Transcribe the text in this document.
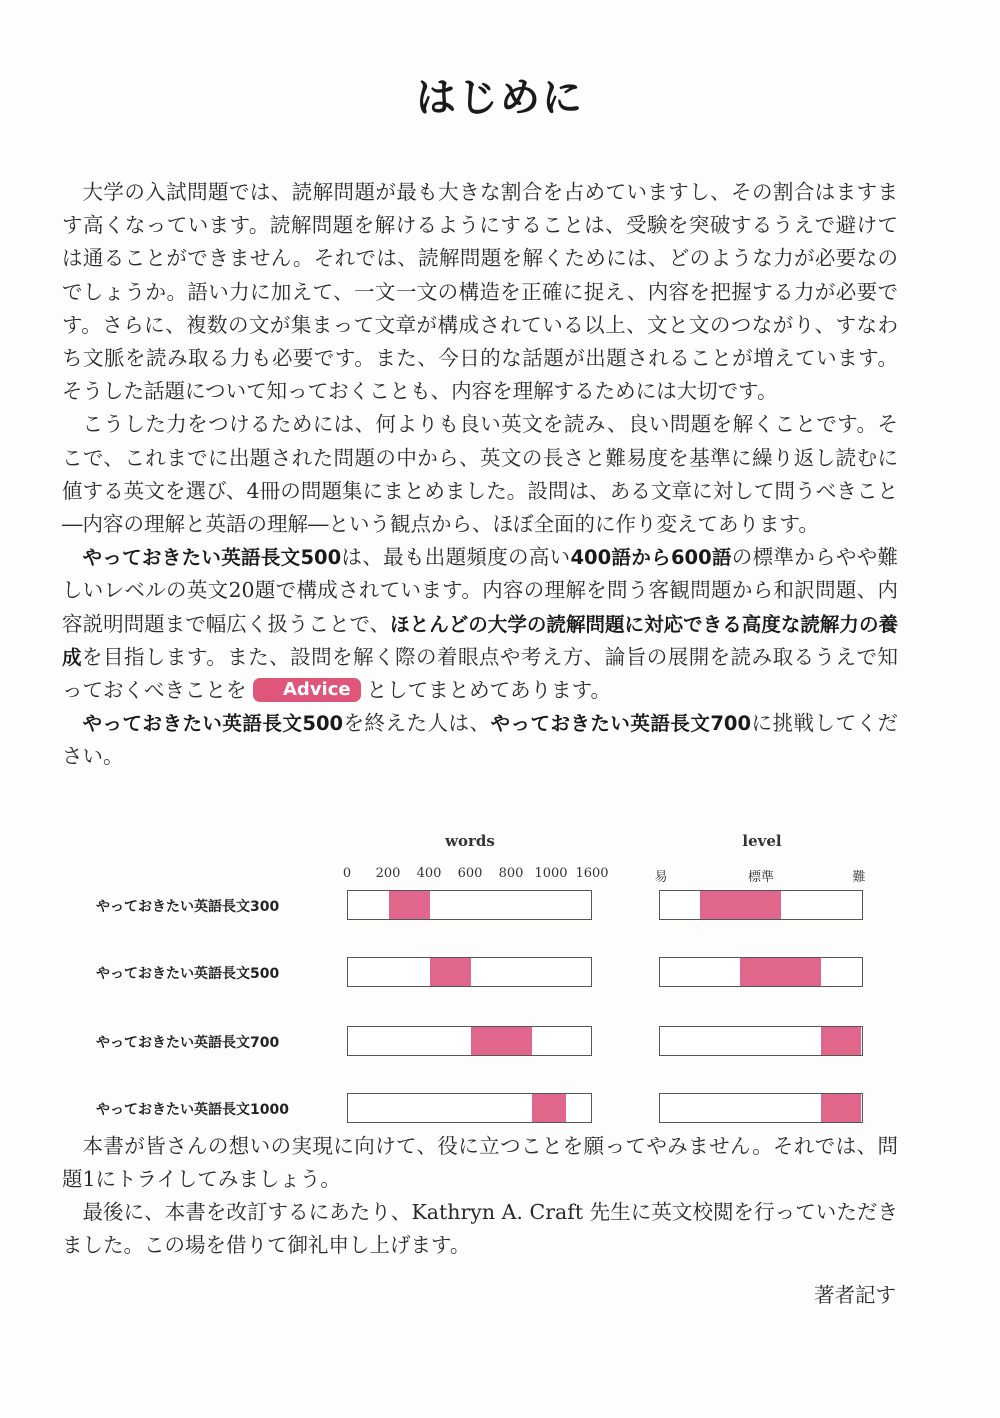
はじめに

大学の入試問題では、読解問題が最も大きな割合を占めていますし、その割合はますます高くなっています。読解問題を解けるようにすることは、受験を突破するうえで避けては通ることができません。それでは、読解問題を解くためには、どのような力が必要なのでしょうか。語い力に加えて、一文一文の構造を正確に捉え、内容を把握する力が必要です。さらに、複数の文が集まって文章が構成されている以上、文と文のつながり、すなわち文脈を読み取る力も必要です。また、今日的な話題が出題されることが増えています。そうした話題について知っておくことも、内容を理解するためには大切です。

こうした力をつけるためには、何よりも良い英文を読み、良い問題を解くことです。そこで、これまでに出題された問題の中から、英文の長さと難易度を基準に繰り返し読むに値する英文を選び、4冊の問題集にまとめました。設問は、ある文章に対して問うべきこと―内容の理解と英語の理解―という観点から、ほぼ全面的に作り変えてあります。

やっておきたい英語長文500は、最も出題頻度の高い400語から600語の標準からやや難しいレベルの英文20題で構成されています。内容の理解を問う客観問題から和訳問題、内容説明問題まで幅広く扱うことで、ほとんどの大学の読解問題に対応できる高度な読解力の養成を目指します。また、設問を解く際の着眼点や考え方、論旨の展開を読み取るうえで知っておくべきことを Advice としてまとめてあります。

やっておきたい英語長文500を終えた人は、やっておきたい英語長文700に挑戦してください。

本書が皆さんの想いの実現に向けて、役に立つことを願ってやみません。それでは、問題1にトライしてみましょう。

最後に、本書を改訂するにあたり、Kathryn A. Craft 先生に英文校閲を行っていただきました。この場を借りて御礼申し上げます。

words	level
0 200 400 600 800 1000 1600	易	標準	難
やっておきたい英語長文300
やっておきたい英語長文500
やっておきたい英語長文700
やっておきたい英語長文1000
著者記す
